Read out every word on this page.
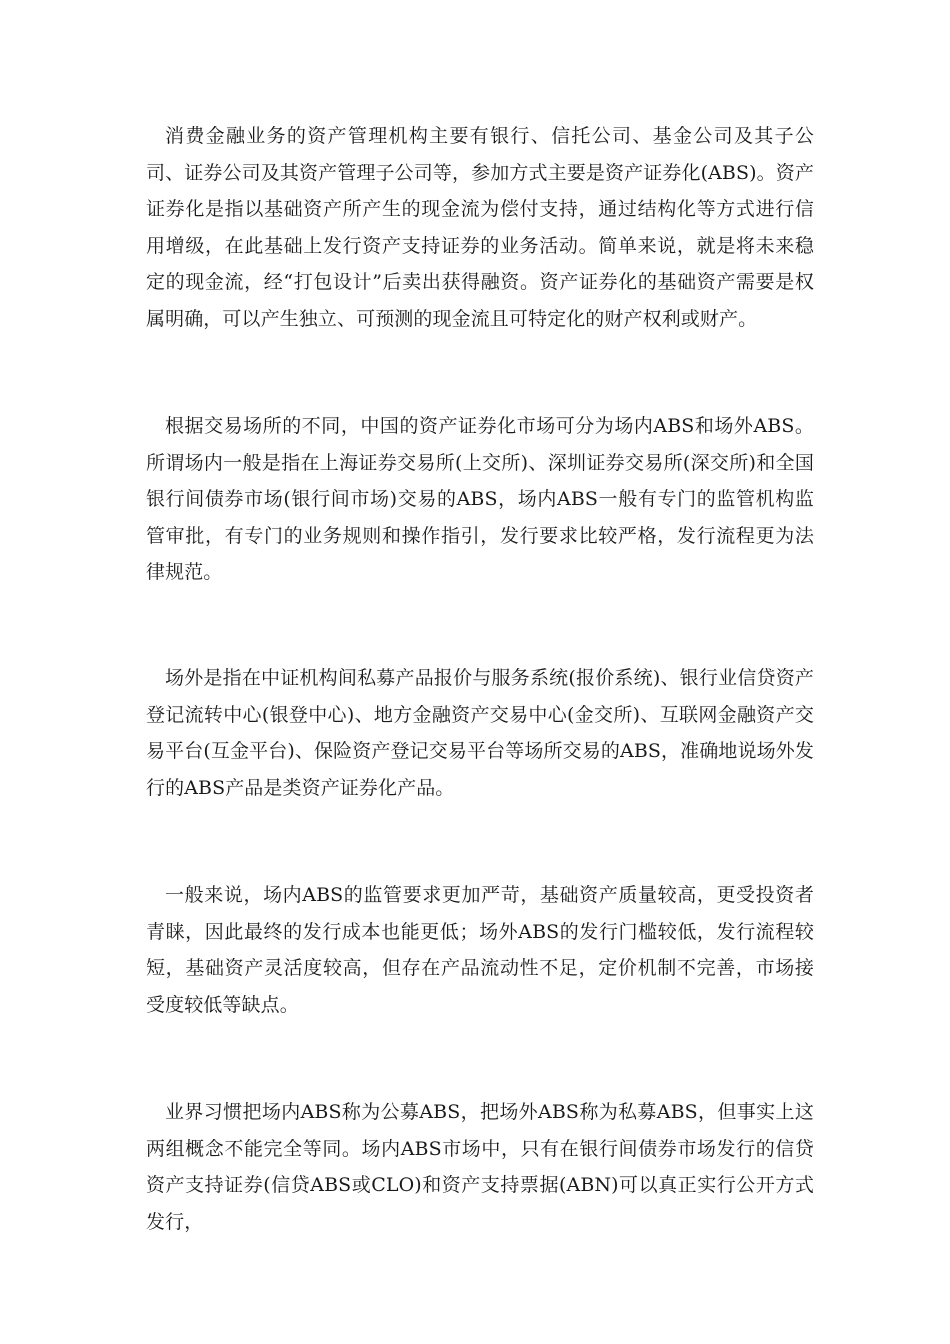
消费金融业务的资产管理机构主要有银行、信托公司、基金公司及其子公司、证券公司及其资产管理子公司等，参加方式主要是资产证券化(ABS)。资产证券化是指以基础资产所产生的现金流为偿付支持，通过结构化等方式进行信用增级，在此基础上发行资产支持证券的业务活动。简单来说，就是将未来稳定的现金流，经“打包设计”后卖出获得融资。资产证券化的基础资产需要是权属明确，可以产生独立、可预测的现金流且可特定化的财产权利或财产。

根据交易场所的不同，中国的资产证券化市场可分为场内ABS和场外ABS。所谓场内一般是指在上海证券交易所(上交所)、深圳证券交易所(深交所)和全国银行间债券市场(银行间市场)交易的ABS，场内ABS一般有专门的监管机构监管审批，有专门的业务规则和操作指引，发行要求比较严格，发行流程更为法律规范。

场外是指在中证机构间私募产品报价与服务系统(报价系统)、银行业信贷资产登记流转中心(银登中心)、地方金融资产交易中心(金交所)、互联网金融资产交易平台(互金平台)、保险资产登记交易平台等场所交易的ABS，准确地说场外发行的ABS产品是类资产证券化产品。

一般来说，场内ABS的监管要求更加严苛，基础资产质量较高，更受投资者青睐，因此最终的发行成本也能更低；场外ABS的发行门槛较低，发行流程较短，基础资产灵活度较高，但存在产品流动性不足，定价机制不完善，市场接受度较低等缺点。

业界习惯把场内ABS称为公募ABS，把场外ABS称为私募ABS，但事实上这两组概念不能完全等同。场内ABS市场中，只有在银行间债券市场发行的信贷资产支持证券(信贷ABS或CLO)和资产支持票据(ABN)可以真正实行公开方式发行，
